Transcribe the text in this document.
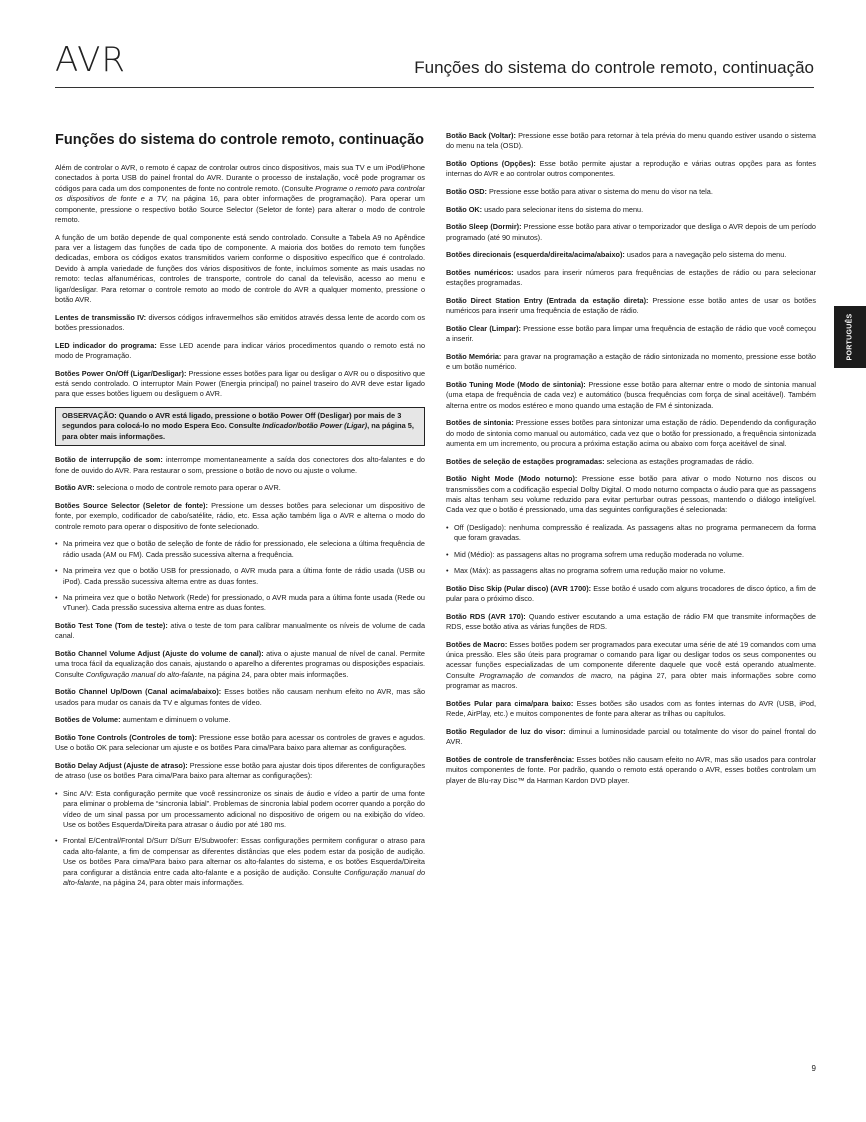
AVR	Funções do sistema do controle remoto, continuação
PORTUGUÊS
Funções do sistema do controle remoto, continuação

Além de controlar o AVR, o remoto é capaz de controlar outros cinco dispositivos, mais sua TV e um iPod/iPhone conectados à porta USB do painel frontal do AVR. Durante o processo de instalação, você pode programar os códigos para cada um dos componentes de fonte no controle remoto. (Consulte Programe o remoto para controlar os dispositivos de fonte e a TV, na página 16, para obter informações de programação). Para operar um componente, pressione o respectivo botão Source Selector (Seletor de fonte) para alterar o modo de controle remoto.

A função de um botão depende de qual componente está sendo controlado. Consulte a Tabela A9 no Apêndice para ver a listagem das funções de cada tipo de componente. A maioria dos botões do remoto tem funções dedicadas, embora os códigos exatos transmitidos variem conforme o dispositivo específico que é controlado. Devido à ampla variedade de funções dos vários dispositivos de fonte, incluímos somente as mais usadas no remoto: teclas alfanuméricas, controles de transporte, controle do canal da televisão, acesso ao menu e ligar/desligar. Para retornar o controle remoto ao modo de controle do AVR a qualquer momento, pressione o botão AVR.

Lentes de transmissão IV: diversos códigos infravermelhos são emitidos através dessa lente de acordo com os botões pressionados.

LED indicador do programa: Esse LED acende para indicar vários procedimentos quando o remoto está no modo de Programação.

Botões Power On/Off (Ligar/Desligar): Pressione esses botões para ligar ou desligar o AVR ou o dispositivo que está sendo controlado. O interruptor Main Power (Energia principal) no painel traseiro do AVR deve estar ligado para que esses botões liguem ou desliguem o AVR.

OBSERVAÇÃO: Quando o AVR está ligado, pressione o botão Power Off (Desligar) por mais de 3 segundos para colocá-lo no modo Espera Eco. Consulte Indicador/botão Power (Ligar), na página 5, para obter mais informações.

Botão de interrupção de som: interrompe momentaneamente a saída dos conectores dos alto-falantes e do fone de ouvido do AVR. Para restaurar o som, pressione o botão de novo ou ajuste o volume.

Botão AVR: seleciona o modo de controle remoto para operar o AVR.

Botões Source Selector (Seletor de fonte): Pressione um desses botões para selecionar um dispositivo de fonte, por exemplo, codificador de cabo/satélite, rádio, etc. Essa ação também liga o AVR e alterna o modo do controle remoto para operar o dispositivo de fonte selecionado.

• Na primeira vez que o botão de seleção de fonte de rádio for pressionado, ele seleciona a última frequência de rádio usada (AM ou FM). Cada pressão sucessiva alterna a frequência.
• Na primeira vez que o botão USB for pressionado, o AVR muda para a última fonte de rádio usada (USB ou iPod). Cada pressão sucessiva alterna entre as duas fontes.
• Na primeira vez que o botão Network (Rede) for pressionado, o AVR muda para a última fonte usada (Rede ou vTuner). Cada pressão sucessiva alterna entre as duas fontes.

Botão Test Tone (Tom de teste): ativa o teste de tom para calibrar manualmente os níveis de volume de cada canal.

Botão Channel Volume Adjust (Ajuste do volume de canal): ativa o ajuste manual de nível de canal. Permite uma troca fácil da equalização dos canais, ajustando o aparelho a diferentes programas ou disposições espaciais. Consulte Configuração manual do alto-falante, na página 24, para obter mais informações.

Botão Channel Up/Down (Canal acima/abaixo): Esses botões não causam nenhum efeito no AVR, mas são usados para mudar os canais da TV e algumas fontes de vídeo.

Botões de Volume: aumentam e diminuem o volume.

Botão Tone Controls (Controles de tom): Pressione esse botão para acessar os controles de graves e agudos. Use o botão OK para selecionar um ajuste e os botões Para cima/Para baixo para alternar as configurações.

Botão Delay Adjust (Ajuste de atraso): Pressione esse botão para ajustar dois tipos diferentes de configurações de atraso (use os botões Para cima/Para baixo para alternar as configurações):

• Sinc A/V: Esta configuração permite que você ressincronize os sinais de áudio e vídeo a partir de uma fonte para eliminar o problema de “sincronia labial”. Problemas de sincronia labial podem ocorrer quando a porção do vídeo de um sinal passa por um processamento adicional no dispositivo de origem ou na exibição do vídeo. Use os botões Esquerda/Direita para atrasar o áudio por até 180 ms.
• Frontal E/Central/Frontal D/Surr D/Surr E/Subwoofer: Essas configurações permitem configurar o atraso para cada alto-falante, a fim de compensar as diferentes distâncias que eles podem estar da posição de audição. Use os botões Para cima/Para baixo para alternar os alto-falantes do sistema, e os botões Esquerda/Direita para configurar a distância entre cada alto-falante e a posição de audição. Consulte Configuração manual do alto-falante, na página 24, para obter mais informações.

Botão Back (Voltar): Pressione esse botão para retornar à tela prévia do menu quando estiver usando o sistema do menu na tela (OSD).

Botão Options (Opções): Esse botão permite ajustar a reprodução e várias outras opções para as fontes internas do AVR e ao controlar outros componentes.

Botão OSD: Pressione esse botão para ativar o sistema do menu do visor na tela.

Botão OK: usado para selecionar itens do sistema do menu.

Botão Sleep (Dormir): Pressione esse botão para ativar o temporizador que desliga o AVR depois de um período programado (até 90 minutos).

Botões direcionais (esquerda/direita/acima/abaixo): usados para a navegação pelo sistema do menu.

Botões numéricos: usados para inserir números para frequências de estações de rádio ou para selecionar estações programadas.

Botão Direct Station Entry (Entrada da estação direta): Pressione esse botão antes de usar os botões numéricos para inserir uma frequência de estação de rádio.

Botão Clear (Limpar): Pressione esse botão para limpar uma frequência de estação de rádio que você começou a inserir.

Botão Memória: para gravar na programação a estação de rádio sintonizada no momento, pressione esse botão e um botão numérico.

Botão Tuning Mode (Modo de sintonia): Pressione esse botão para alternar entre o modo de sintonia manual (uma etapa de frequência de cada vez) e automático (busca frequências com força de sinal aceitável). Também alterna entre os modos estéreo e mono quando uma estação de FM é sintonizada.

Botões de sintonia: Pressione esses botões para sintonizar uma estação de rádio. Dependendo da configuração do modo de sintonia como manual ou automático, cada vez que o botão for pressionado, a frequência sintonizada aumenta em um incremento, ou procura a próxima estação acima ou abaixo com força aceitável de sinal.

Botões de seleção de estações programadas: seleciona as estações programadas de rádio.

Botão Night Mode (Modo noturno): Pressione esse botão para ativar o modo Noturno nos discos ou transmissões com a codificação especial Dolby Digital. O modo noturno compacta o áudio para que as passagens mais altas tenham seu volume reduzido para evitar perturbar outras pessoas, mantendo o diálogo inteligível. Cada vez que o botão é pressionado, uma das seguintes configurações é selecionada:

• Off (Desligado): nenhuma compressão é realizada. As passagens altas no programa permanecem da forma que foram gravadas.
• Mid (Médio): as passagens altas no programa sofrem uma redução moderada no volume.
• Max (Máx): as passagens altas no programa sofrem uma redução maior no volume.

Botão Disc Skip (Pular disco) (AVR 1700): Esse botão é usado com alguns trocadores de disco óptico, a fim de pular para o próximo disco.

Botão RDS (AVR 170): Quando estiver escutando a uma estação de rádio FM que transmite informações de RDS, esse botão ativa as várias funções de RDS.

Botões de Macro: Esses botões podem ser programados para executar uma série de até 19 comandos com uma única pressão. Eles são úteis para programar o comando para ligar ou desligar todos os seus componentes ou acessar funções especializadas de um componente diferente daquele que você está operando atualmente. Consulte Programação de comandos de macro, na página 27, para obter mais informações sobre como programar as macros.

Botões Pular para cima/para baixo: Esses botões são usados com as fontes internas do AVR (USB, iPod, Rede, AirPlay, etc.) e muitos componentes de fonte para alterar as trilhas ou capítulos.

Botão Regulador de luz do visor: diminui a luminosidade parcial ou totalmente do visor do painel frontal do AVR.

Botões de controle de transferência: Esses botões não causam efeito no AVR, mas são usados para controlar muitos componentes de fonte. Por padrão, quando o remoto está operando o AVR, esses botões controlam um player de Blu-ray Disc™ da Harman Kardon DVD player.

9
